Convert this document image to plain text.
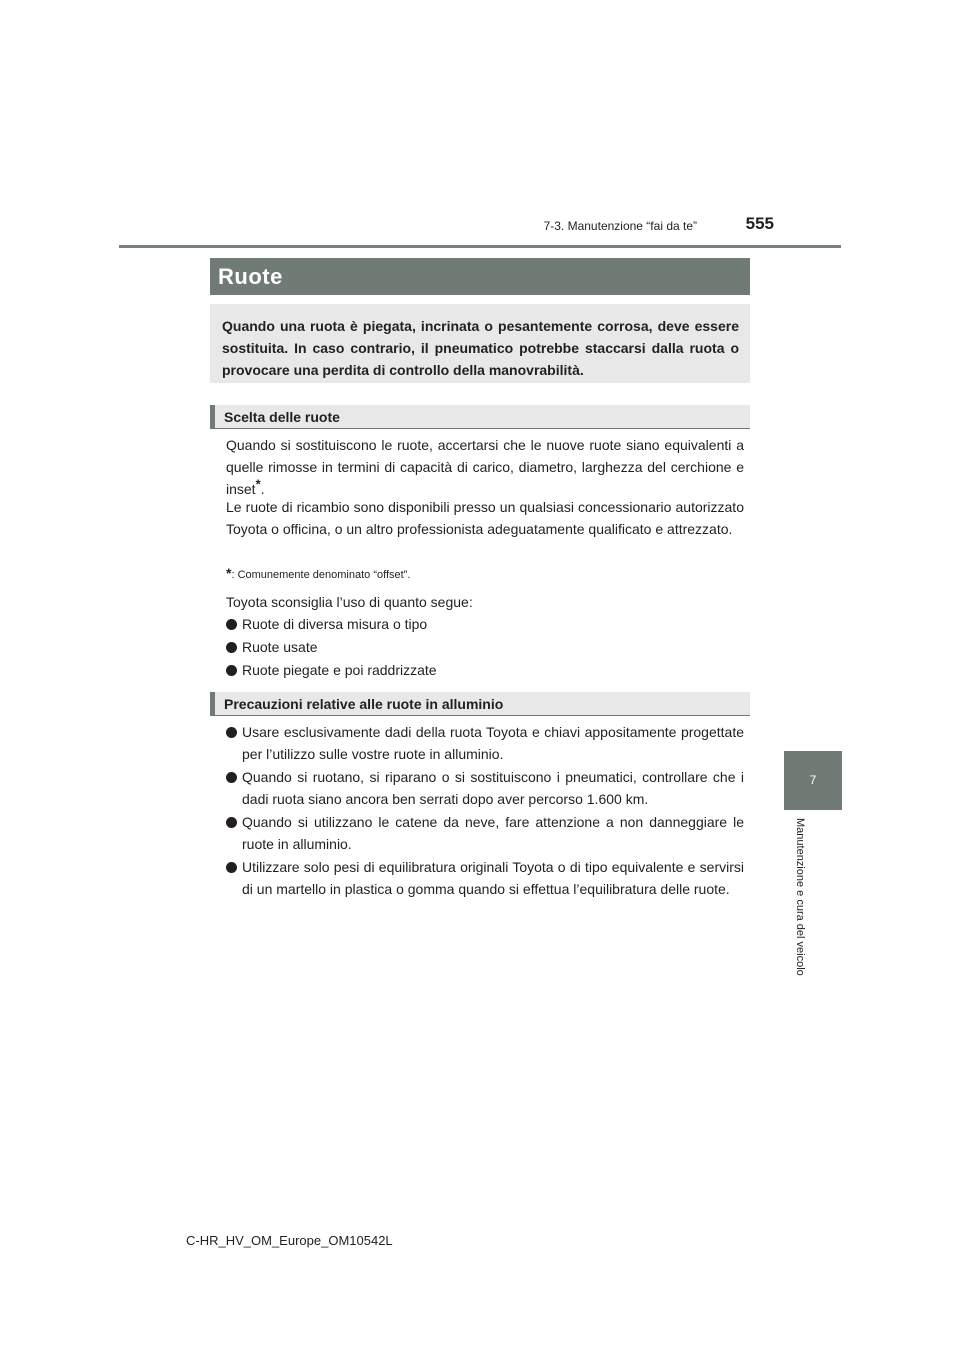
7-3. Manutenzione “fai da te”	555
7
Manutenzione e cura del veicolo
Ruote
Quando una ruota è piegata, incrinata o pesantemente corrosa, deve essere sostituita. In caso contrario, il pneumatico potrebbe staccarsi dalla ruota o provocare una perdita di controllo della manovrabilità.
Scelta delle ruote

Quando si sostituiscono le ruote, accertarsi che le nuove ruote siano equivalenti a quelle rimosse in termini di capacità di carico, diametro, larghezza del cerchione e inset*.

Le ruote di ricambio sono disponibili presso un qualsiasi concessionario autorizzato Toyota o officina, o un altro professionista adeguatamente qualificato e attrezzato.

*: Comunemente denominato “offset”.

Toyota sconsiglia l’uso di quanto segue:

Ruote di diversa misura o tipo
Ruote usate
Ruote piegate e poi raddrizzate
Precauzioni relative alle ruote in alluminio
Usare esclusivamente dadi della ruota Toyota e chiavi appositamente progettate per l’utilizzo sulle vostre ruote in alluminio.
Quando si ruotano, si riparano o si sostituiscono i pneumatici, controllare che i dadi ruota siano ancora ben serrati dopo aver percorso 1.600 km.
Quando si utilizzano le catene da neve, fare attenzione a non danneggiare le ruote in alluminio.
Utilizzare solo pesi di equilibratura originali Toyota o di tipo equivalente e servirsi di un martello in plastica o gomma quando si effettua l’equilibratura delle ruote.
C-HR_HV_OM_Europe_OM10542L
